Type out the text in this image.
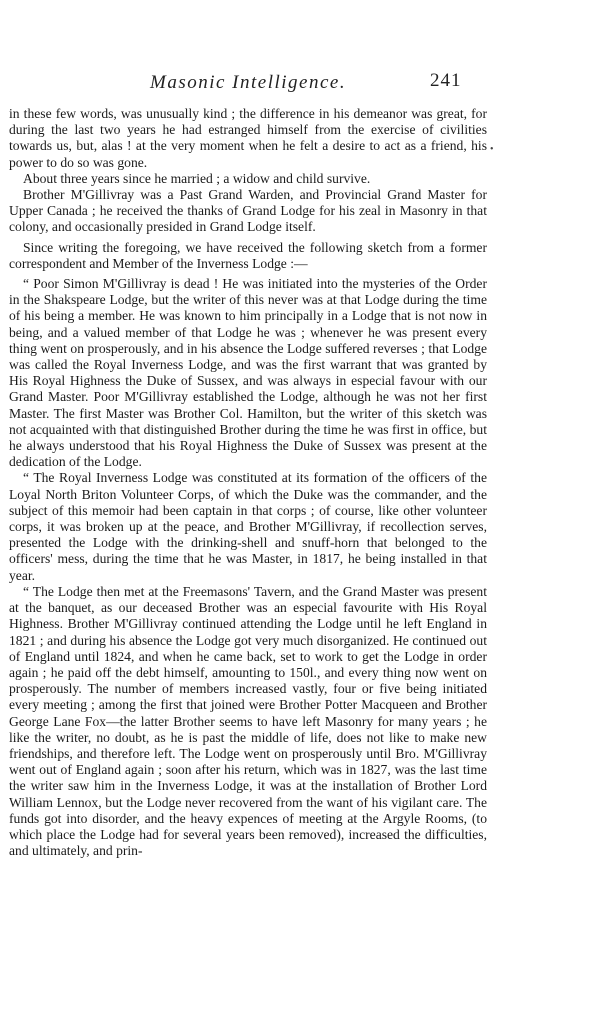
Masonic Intelligence.	241
•

in these few words, was unusually kind ; the difference in his demeanor was great, for during the last two years he had estranged himself from the exercise of civilities towards us, but, alas ! at the very moment when he felt a desire to act as a friend, his power to do so was gone.

About three years since he married ; a widow and child survive.

Brother M'Gillivray was a Past Grand Warden, and Provincial Grand Master for Upper Canada ; he received the thanks of Grand Lodge for his zeal in Masonry in that colony, and occasionally presided in Grand Lodge itself.

Since writing the foregoing, we have received the following sketch from a former correspondent and Member of the Inverness Lodge :—

“ Poor Simon M'Gillivray is dead ! He was initiated into the mysteries of the Order in the Shakspeare Lodge, but the writer of this never was at that Lodge during the time of his being a member. He was known to him principally in a Lodge that is not now in being, and a valued member of that Lodge he was ; whenever he was present every thing went on prosperously, and in his absence the Lodge suffered reverses ; that Lodge was called the Royal Inverness Lodge, and was the first warrant that was granted by His Royal Highness the Duke of Sussex, and was always in especial favour with our Grand Master. Poor M'Gillivray established the Lodge, although he was not her first Master. The first Master was Brother Col. Hamilton, but the writer of this sketch was not acquainted with that distinguished Brother during the time he was first in office, but he always understood that his Royal Highness the Duke of Sussex was present at the dedication of the Lodge.

“ The Royal Inverness Lodge was constituted at its formation of the officers of the Loyal North Briton Volunteer Corps, of which the Duke was the commander, and the subject of this memoir had been captain in that corps ; of course, like other volunteer corps, it was broken up at the peace, and Brother M'Gillivray, if recollection serves, presented the Lodge with the drinking-shell and snuff-horn that belonged to the officers' mess, during the time that he was Master, in 1817, he being installed in that year.

“ The Lodge then met at the Freemasons' Tavern, and the Grand Master was present at the banquet, as our deceased Brother was an especial favourite with His Royal Highness. Brother M'Gillivray continued attending the Lodge until he left England in 1821 ; and during his absence the Lodge got very much disorganized. He continued out of England until 1824, and when he came back, set to work to get the Lodge in order again ; he paid off the debt himself, amounting to 150l., and every thing now went on prosperously. The number of members increased vastly, four or five being initiated every meeting ; among the first that joined were Brother Potter Macqueen and Brother George Lane Fox—the latter Brother seems to have left Masonry for many years ; he like the writer, no doubt, as he is past the middle of life, does not like to make new friendships, and therefore left. The Lodge went on prosperously until Bro. M'Gillivray went out of England again ; soon after his return, which was in 1827, was the last time the writer saw him in the Inverness Lodge, it was at the installation of Brother Lord William Lennox, but the Lodge never recovered from the want of his vigilant care. The funds got into disorder, and the heavy expences of meeting at the Argyle Rooms, (to which place the Lodge had for several years been removed), increased the difficulties, and ultimately, and prin-
